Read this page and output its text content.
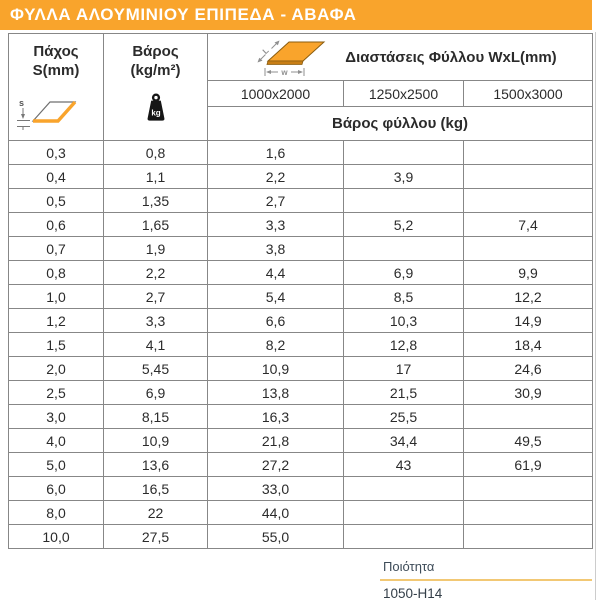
ΦΥΛΛΑ ΑΛΟΥΜΙΝΙΟΥ ΕΠΙΠΕΔΑ - ΑΒΑΦΑ
Πάχος
S(mm)
s	Βάρος
(kg/m²)
kg	L
w
Διαστάσεις Φύλλου WxL(mm)		

		1000x2000	1250x2500	1500x3000
		Βάρος φύλλου (kg)		
0,3	0,8	1,6		
0,4	1,1	2,2	3,9	
0,5	1,35	2,7		
0,6	1,65	3,3	5,2	7,4
0,7	1,9	3,8		
0,8	2,2	4,4	6,9	9,9
1,0	2,7	5,4	8,5	12,2
1,2	3,3	6,6	10,3	14,9
1,5	4,1	8,2	12,8	18,4
2,0	5,45	10,9	17	24,6
2,5	6,9	13,8	21,5	30,9
3,0	8,15	16,3	25,5	
4,0	10,9	21,8	34,4	49,5
5,0	13,6	27,2	43	61,9
6,0	16,5	33,0		
8,0	22	44,0		
10,0	27,5	55,0		
Ποιότητα
1050-H14
